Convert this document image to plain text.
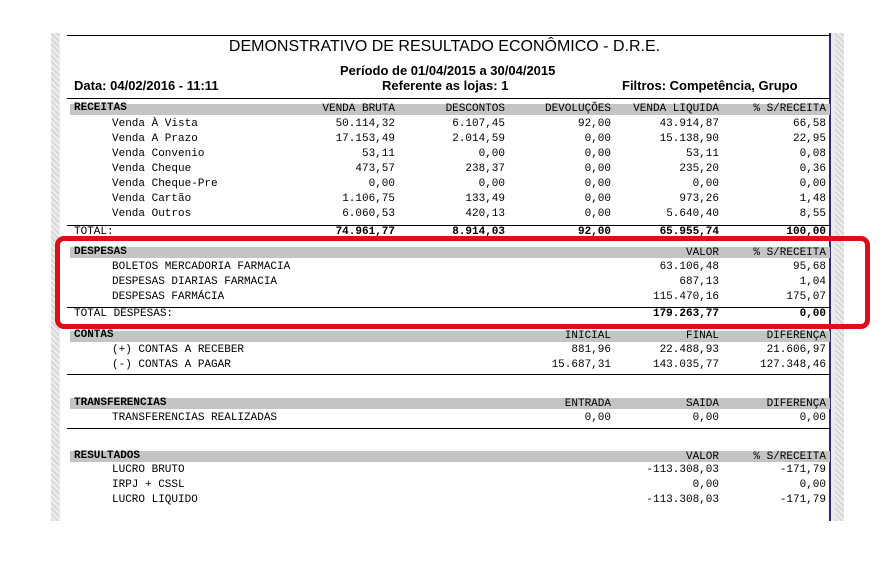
DEMONSTRATIVO DE RESULTADO ECONÔMICO - D.R.E.
Período de 01/04/2015 a 30/04/2015
Data: 04/02/2016 - 11:11	Referente as lojas: 1	Filtros: Competência, Grupo
RECEITAS	VENDA BRUTA	DESCONTOS	DEVOLUÇÕES	VENDA LIQUIDA	% S/RECEITA
Venda À Vista	50.114,32	6.107,45	92,00	43.914,87	66,58
Venda A Prazo	17.153,49	2.014,59	0,00	15.138,90	22,95
Venda Convenio	53,11	0,00	0,00	53,11	0,08
Venda Cheque	473,57	238,37	0,00	235,20	0,36
Venda Cheque-Pre	0,00	0,00	0,00	0,00	0,00
Venda Cartão	1.106,75	133,49	0,00	973,26	1,48
Venda Outros	6.060,53	420,13	0,00	5.640,40	8,55
TOTAL:	74.961,77	8.914,03	92,00	65.955,74	100,00
DESPESAS	VALOR	% S/RECEITA
BOLETOS MERCADORIA FARMACIA	63.106,48	95,68
DESPESAS DIARIAS FARMACIA	687,13	1,04
DESPESAS FARMÁCIA	115.470,16	175,07
TOTAL DESPESAS:	179.263,77	0,00
CONTAS	INICIAL	FINAL	DIFERENÇA
(+) CONTAS A RECEBER	881,96	22.488,93	21.606,97
(-) CONTAS A PAGAR	15.687,31	143.035,77	127.348,46
TRANSFERENCIAS	ENTRADA	SAIDA	DIFERENÇA
TRANSFERENCIAS REALIZADAS	0,00	0,00	0,00
RESULTADOS	VALOR	% S/RECEITA
LUCRO BRUTO	-113.308,03	-171,79
IRPJ + CSSL	0,00	0,00
LUCRO LIQUIDO	-113.308,03	-171,79
